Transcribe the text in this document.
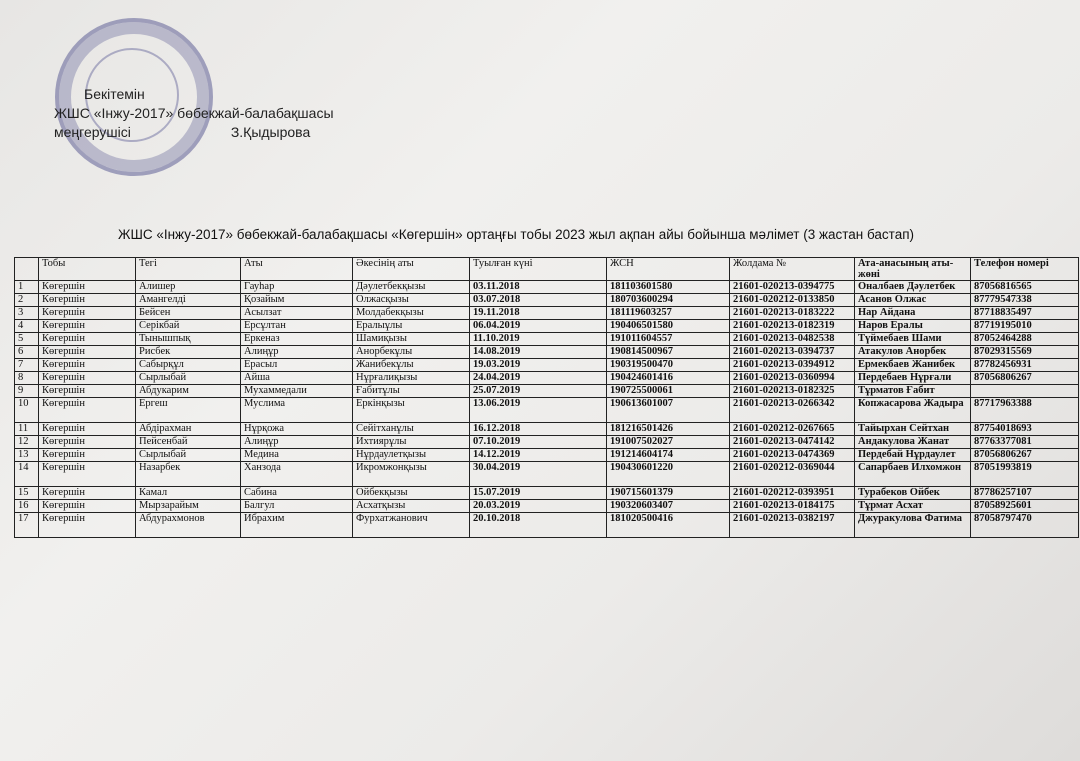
Бекітемін
ЖШС «Інжу-2017» бөбекжай-балабақшасы
меңгерушісі	З.Қыдырова
ЖШС «Інжу-2017» бөбекжай-балабақшасы «Көгершін» ортаңғы тобы 2023 жыл ақпан айы бойынша мәлімет (3 жастан бастап)
	Тобы	Тегі	Аты	Әкесінің аты	Туылған күні	ЖСН	Жолдама №	Ата-анасының аты-жөні	Телефон номері
1	Көгершін	Алишер	Гауһар	Дәулетбекқызы	03.11.2018	181103601580	21601-020213-0394775	Оналбаев Дәулетбек	87056816565
2	Көгершін	Амангелді	Қозайым	Олжасқызы	03.07.2018	180703600294	21601-020212-0133850	Асанов Олжас	87779547338
3	Көгершін	Бейсен	Асылзат	Молдабекқызы	19.11.2018	181119603257	21601-020213-0183222	Нар Айдана	87718835497
4	Көгершін	Серікбай	Ерсұлтан	Ералыұлы	06.04.2019	190406501580	21601-020213-0182319	Наров Ералы	87719195010
5	Көгершін	Тынышпық	Еркеназ	Шамиқызы	11.10.2019	191011604557	21601-020213-0482538	Түймебаев Шами	87052464288
6	Көгершін	Рисбек	Алиңұр	Анорбекұлы	14.08.2019	190814500967	21601-020213-0394737	Атакулов Анорбек	87029315569
7	Көгершін	Сабырқұл	Ерасыл	Жанибекұлы	19.03.2019	190319500470	21601-020213-0394912	Ермекбаев Жанибек	87782456931
8	Көгершін	Сырлыбай	Айша	Нұрғалиқызы	24.04.2019	190424601416	21601-020213-0360994	Пердебаев Нұрғали	87056806267
9	Көгершін	Абдукарим	Мухаммедали	Ғабитұлы	25.07.2019	190725500061	21601-020213-0182325	Тұрматов Ғабит	
10	Көгершін	Ергеш	Муслима	Еркінқызы	13.06.2019	190613601007	21601-020213-0266342	Копжасарова Жадыра	87717963388
11	Көгершін	Абдірахман	Нұрқожа	Сейітханұлы	16.12.2018	181216501426	21601-020212-0267665	Тайырхан Сейтхан	87754018693
12	Көгершін	Пейсенбай	Алиңұр	Ихтиярұлы	07.10.2019	191007502027	21601-020213-0474142	Андакулова Жанат	87763377081
13	Көгершін	Сырлыбай	Медина	Нұрдаулетқызы	14.12.2019	191214604174	21601-020213-0474369	Пердебай Нұрдаулет	87056806267
14	Көгершін	Назарбек	Ханзода	Икромжонқызы	30.04.2019	190430601220	21601-020212-0369044	Сапарбаев Илхомжон	87051993819
15	Көгершін	Камал	Сабина	Ойбекқызы	15.07.2019	190715601379	21601-020212-0393951	Турабеков Ойбек	87786257107
16	Көгершін	Мырзарайым	Балгул	Асхатқызы	20.03.2019	190320603407	21601-020213-0184175	Тұрмат Асхат	87058925601
17	Көгершін	Абдурахмонов	Ибрахим	Фурхатжанович	20.10.2018	181020500416	21601-020213-0382197	Джуракулова Фатима	87058797470
